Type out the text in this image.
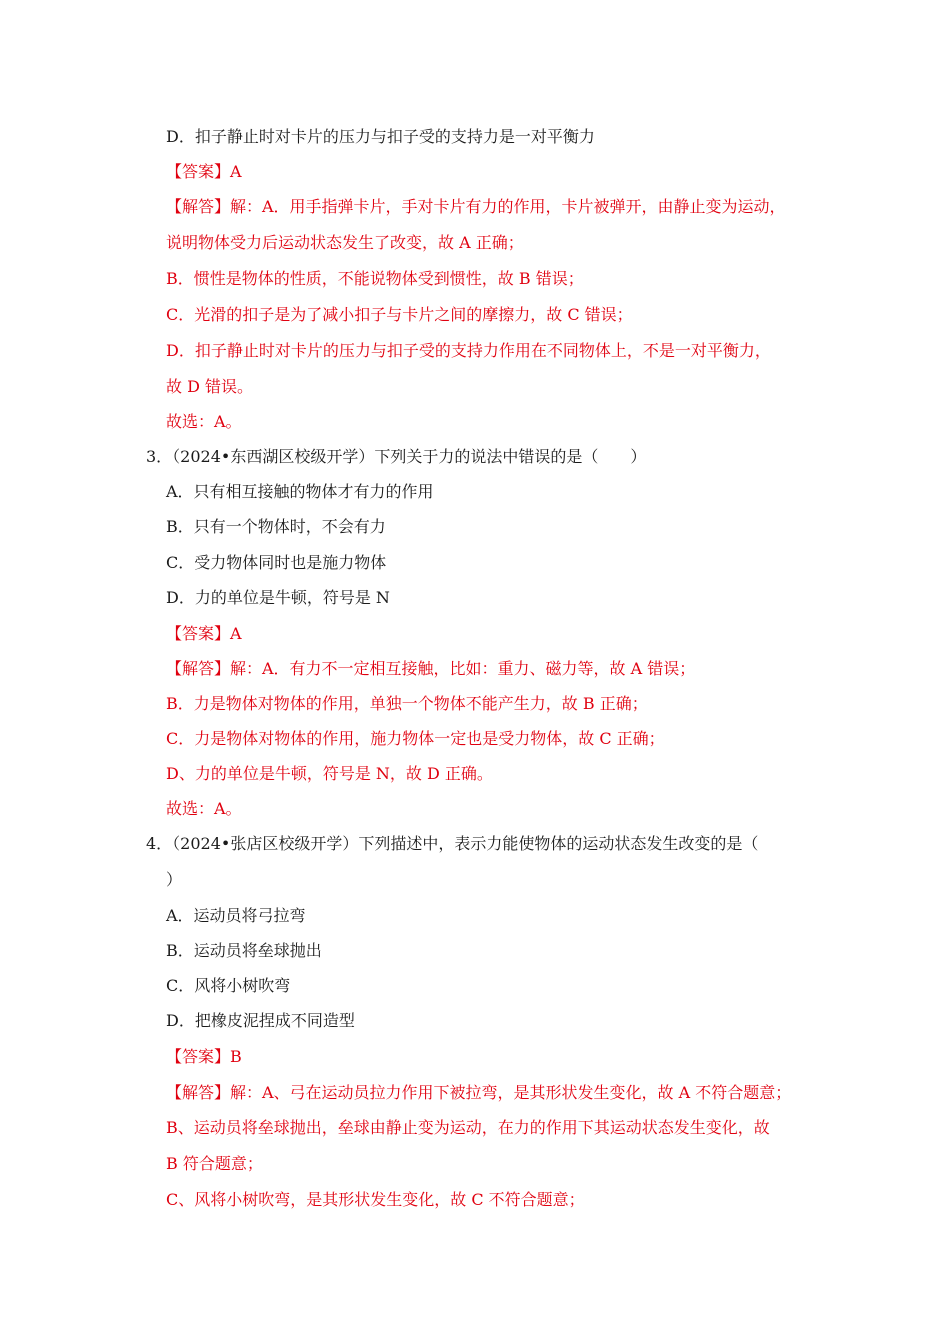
D．扣子静止时对卡片的压力与扣子受的支持力是一对平衡力
【答案】A
【解答】解：A．用手指弹卡片，手对卡片有力的作用，卡片被弹开，由静止变为运动，
说明物体受力后运动状态发生了改变，故 A 正确；
B．惯性是物体的性质，不能说物体受到惯性，故 B 错误；
C．光滑的扣子是为了减小扣子与卡片之间的摩擦力，故 C 错误；
D．扣子静止时对卡片的压力与扣子受的支持力作用在不同物体上，不是一对平衡力，
故 D 错误。
故选：A。
3．（2024•东西湖区校级开学）下列关于力的说法中错误的是（　　）
A．只有相互接触的物体才有力的作用
B．只有一个物体时，不会有力
C．受力物体同时也是施力物体
D．力的单位是牛顿，符号是 N
【答案】A
【解答】解：A．有力不一定相互接触，比如：重力、磁力等，故 A 错误；
B．力是物体对物体的作用，单独一个物体不能产生力，故 B 正确；
C．力是物体对物体的作用，施力物体一定也是受力物体，故 C 正确；
D、力的单位是牛顿，符号是 N，故 D 正确。
故选：A。
4．（2024•张店区校级开学）下列描述中，表示力能使物体的运动状态发生改变的是（
）
A．运动员将弓拉弯
B．运动员将垒球抛出
C．风将小树吹弯
D．把橡皮泥捏成不同造型
【答案】B
【解答】解：A、弓在运动员拉力作用下被拉弯，是其形状发生变化，故 A 不符合题意；
B、运动员将垒球抛出，垒球由静止变为运动，在力的作用下其运动状态发生变化，故
B 符合题意；
C、风将小树吹弯，是其形状发生变化，故 C 不符合题意；
